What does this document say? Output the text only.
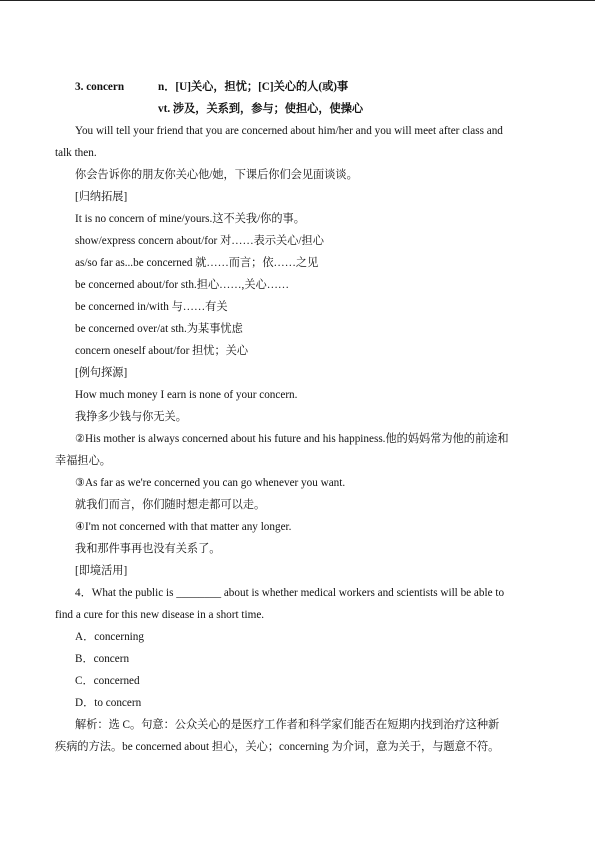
3. concern	n．[U]关心，担忧；[C]关心的人(或)事
vt. 涉及，关系到，参与；使担心，使操心
You will tell your friend that you are concerned about him/her and you will meet after class and
talk then.
你会告诉你的朋友你关心他/她，下课后你们会见面谈谈。
[归纳拓展]
It is no concern of mine/yours.这不关我/你的事。
show/express concern about/for 对……表示关心/担心
as/so far as...be concerned 就……而言；依……之见
be concerned about/for sth.担心……,关心……
be concerned in/with 与……有关
be concerned over/at sth.为某事忧虑
concern oneself about/for 担忧；关心
[例句探源]
How much money I earn is none of your concern.
我挣多少钱与你无关。
②His mother is always concerned about his future and his happiness.他的妈妈常为他的前途和
幸福担心。
③As far as we're concerned you can go whenever you want.
就我们而言，你们随时想走都可以走。
④I'm not concerned with that matter any longer.
我和那件事再也没有关系了。
[即境活用]
4．What the public is ________ about is whether medical workers and scientists will be able to
find a cure for this new disease in a short time.
A．concerning
B．concern
C．concerned
D．to concern
解析：选 C。句意：公众关心的是医疗工作者和科学家们能否在短期内找到治疗这种新
疾病的方法。be concerned about 担心，关心；concerning 为介词，意为关于，与题意不符。
